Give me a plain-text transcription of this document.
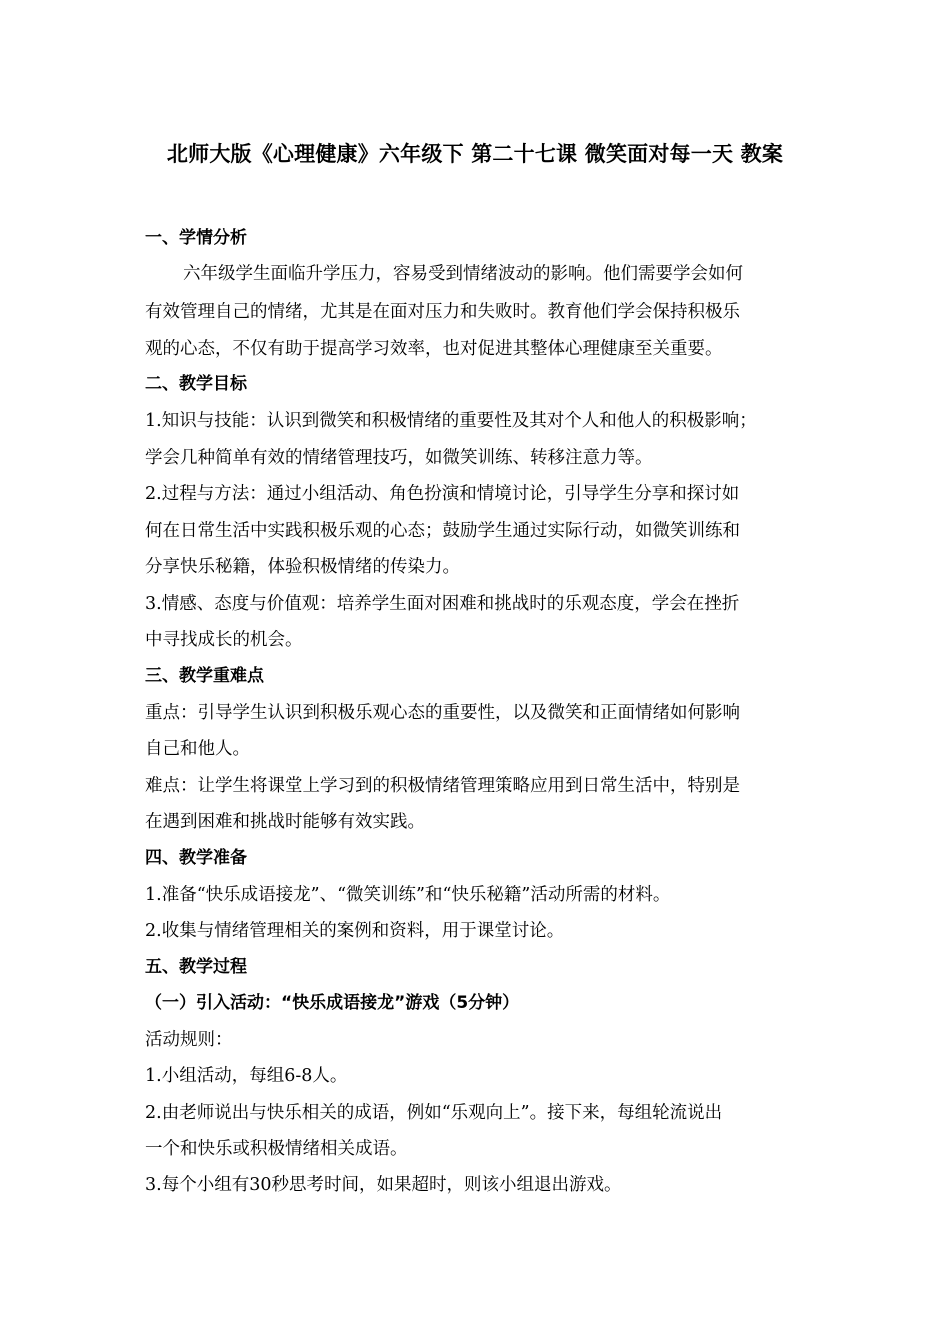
北师大版《心理健康》六年级下 第二十七课 微笑面对每一天 教案
一、学情分析
六年级学生面临升学压力，容易受到情绪波动的影响。他们需要学会如何
有效管理自己的情绪，尤其是在面对压力和失败时。教育他们学会保持积极乐
观的心态，不仅有助于提高学习效率，也对促进其整体心理健康至关重要。
二、教学目标
1.知识与技能：认识到微笑和积极情绪的重要性及其对个人和他人的积极影响；
学会几种简单有效的情绪管理技巧，如微笑训练、转移注意力等。
2.过程与方法：通过小组活动、角色扮演和情境讨论，引导学生分享和探讨如
何在日常生活中实践积极乐观的心态；鼓励学生通过实际行动，如微笑训练和
分享快乐秘籍，体验积极情绪的传染力。
3.情感、态度与价值观：培养学生面对困难和挑战时的乐观态度，学会在挫折
中寻找成长的机会。
三、教学重难点
重点：引导学生认识到积极乐观心态的重要性，以及微笑和正面情绪如何影响
自己和他人。
难点：让学生将课堂上学习到的积极情绪管理策略应用到日常生活中，特别是
在遇到困难和挑战时能够有效实践。
四、教学准备
1.准备“快乐成语接龙”、“微笑训练”和“快乐秘籍”活动所需的材料。
2.收集与情绪管理相关的案例和资料，用于课堂讨论。
五、教学过程
（一）引入活动：“快乐成语接龙”游戏（5分钟）
活动规则：
1.小组活动，每组6-8人。
2.由老师说出与快乐相关的成语，例如“乐观向上”。接下来，每组轮流说出
一个和快乐或积极情绪相关成语。
3.每个小组有30秒思考时间，如果超时，则该小组退出游戏。
